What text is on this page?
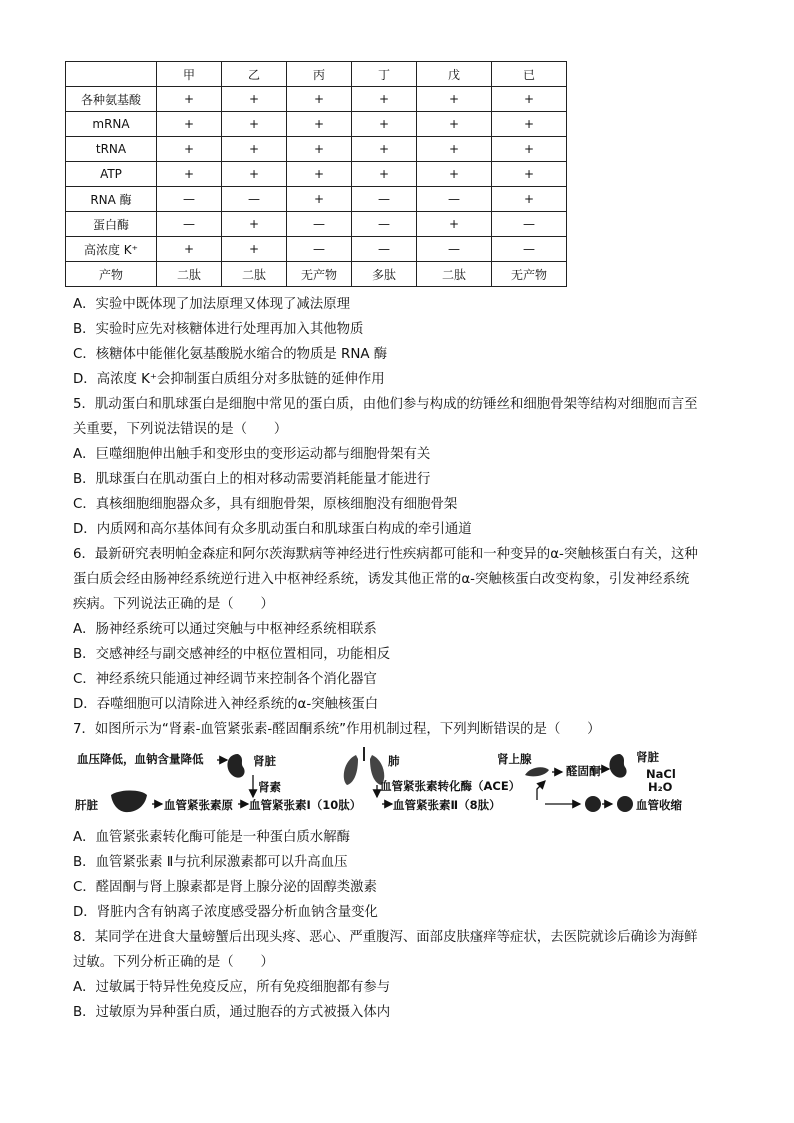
	甲	乙	丙	丁	戊	已
各种氨基酸	+	+	+	+	+	+
mRNA	+	+	+	+	+	+
tRNA	+	+	+	+	+	+
ATP	+	+	+	+	+	+
RNA 酶	—	—	+	—	—	+
蛋白酶	—	+	—	—	+	—
高浓度 K⁺	+	+	—	—	—	—
产物	二肽	二肽	无产物	多肽	二肽	无产物
A．实验中既体现了加法原理又体现了减法原理
B．实验时应先对核糖体进行处理再加入其他物质
C．核糖体中能催化氨基酸脱水缩合的物质是 RNA 酶
D．高浓度 K⁺会抑制蛋白质组分对多肽链的延伸作用
5．肌动蛋白和肌球蛋白是细胞中常见的蛋白质，由他们参与构成的纺锤丝和细胞骨架等结构对细胞而言至
关重要，下列说法错误的是（　　）
A．巨噬细胞伸出触手和变形虫的变形运动都与细胞骨架有关
B．肌球蛋白在肌动蛋白上的相对移动需要消耗能量才能进行
C．真核细胞细胞器众多，具有细胞骨架，原核细胞没有细胞骨架
D．内质网和高尔基体间有众多肌动蛋白和肌球蛋白构成的牵引通道
6．最新研究表明帕金森症和阿尔茨海默病等神经进行性疾病都可能和一种变异的α-突触核蛋白有关，这种
蛋白质会经由肠神经系统逆行进入中枢神经系统，诱发其他正常的α-突触核蛋白改变构象，引发神经系统
疾病。下列说法正确的是（　　）
A．肠神经系统可以通过突触与中枢神经系统相联系
B．交感神经与副交感神经的中枢位置相同，功能相反
C．神经系统只能通过神经调节来控制各个消化器官
D．吞噬细胞可以清除进入神经系统的α-突触核蛋白
7．如图所示为“肾素-血管紧张素-醛固酮系统”作用机制过程，下列判断错误的是（　　）
血压降低，血钠含量降低	肾脏
肾素
肺	肾上腺
醛固酮
肾脏
NaCl
H₂O
肝脏	血管紧张素原 血管紧张素Ⅰ（10肽）
血管紧张素转化酶（ACE）
血管紧张素Ⅱ（8肽）	血管收缩
A．血管紧张素转化酶可能是一种蛋白质水解酶
B．血管紧张素 Ⅱ与抗利尿激素都可以升高血压
C．醛固酮与肾上腺素都是肾上腺分泌的固醇类激素
D．肾脏内含有钠离子浓度感受器分析血钠含量变化
8．某同学在进食大量螃蟹后出现头疼、恶心、严重腹泻、面部皮肤瘙痒等症状，去医院就诊后确诊为海鲜
过敏。下列分析正确的是（　　）
A．过敏属于特异性免疫反应，所有免疫细胞都有参与
B．过敏原为异种蛋白质，通过胞吞的方式被摄入体内
